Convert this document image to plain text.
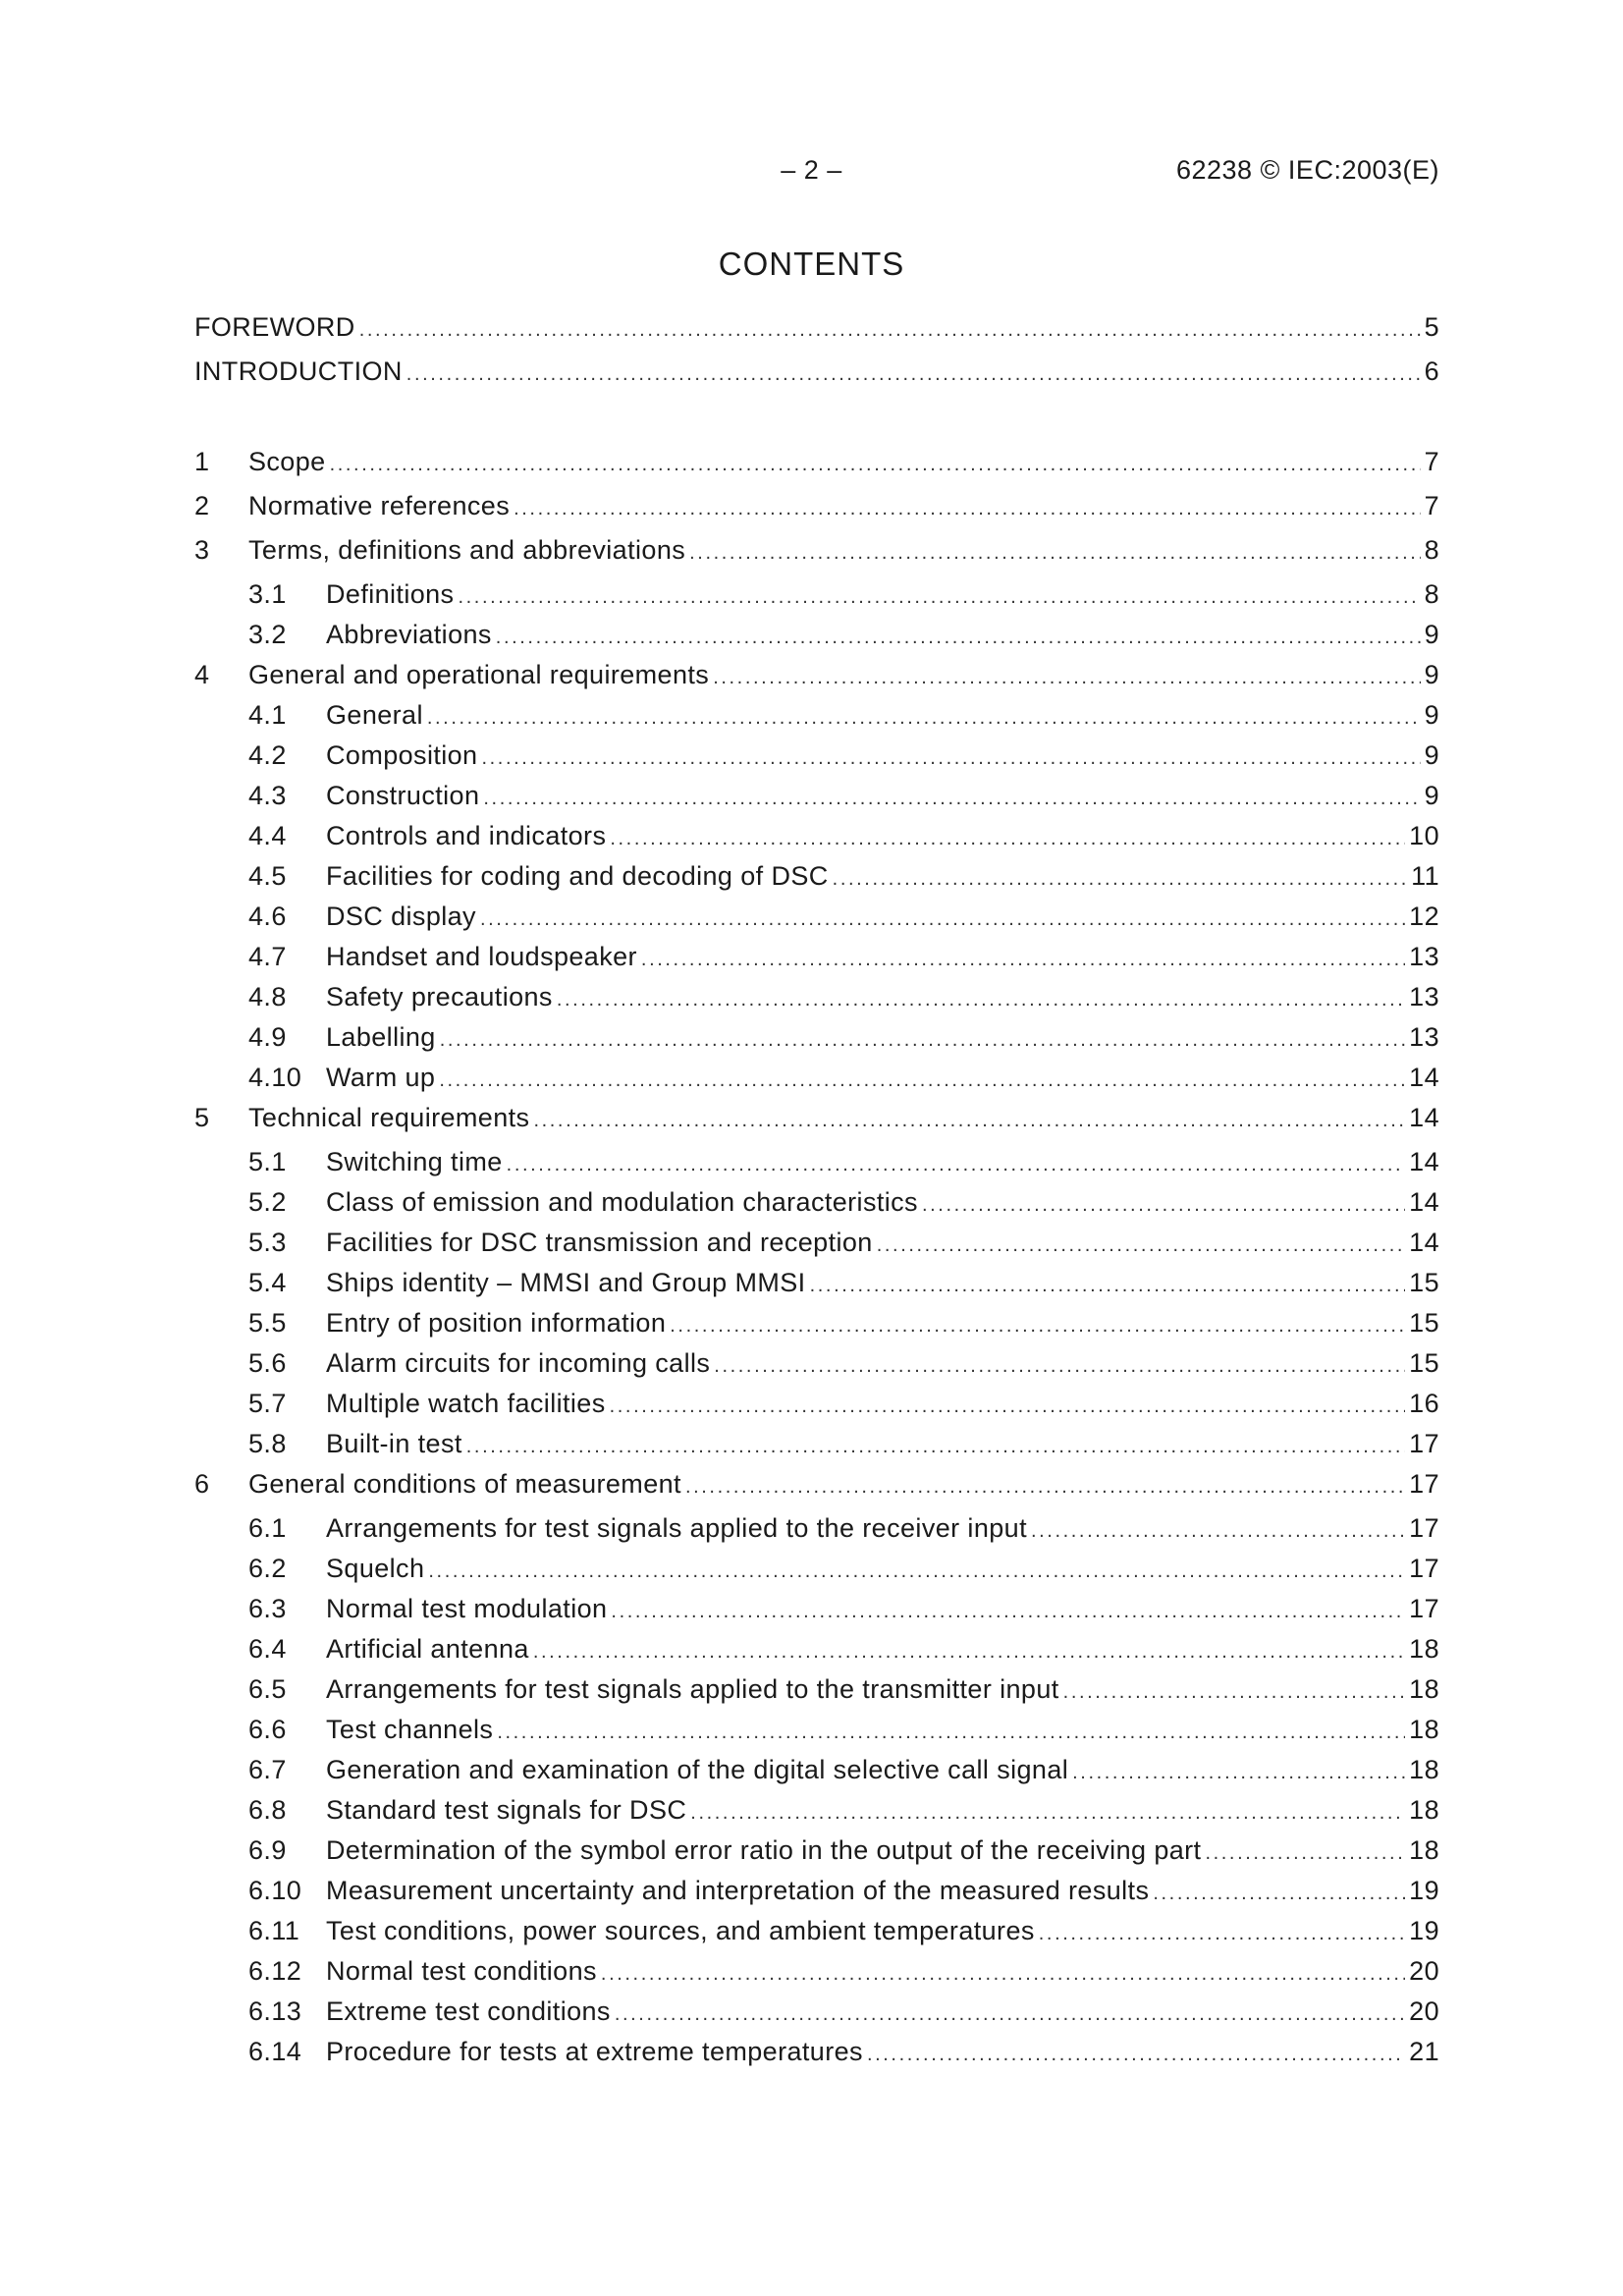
– 2 –	62238 © IEC:2003(E)
CONTENTS
FOREWORD .....	5
INTRODUCTION .....	6
1	Scope .....	7
2	Normative references .....	7
3	Terms, definitions and abbreviations .....	8
3.1	Definitions .....	8
3.2	Abbreviations .....	9
4	General and operational requirements .....	9
4.1	General .....	9
4.2	Composition .....	9
4.3	Construction .....	9
4.4	Controls and indicators .....	10
4.5	Facilities for coding and decoding of DSC .....	11
4.6	DSC display .....	12
4.7	Handset and loudspeaker .....	13
4.8	Safety precautions .....	13
4.9	Labelling .....	13
4.10 Warm up .....	14
5	Technical requirements .....	14
5.1	Switching time .....	14
5.2	Class of emission and modulation characteristics .....	14
5.3	Facilities for DSC transmission and reception .....	14
5.4	Ships identity – MMSI and Group MMSI .....	15
5.5	Entry of position information .....	15
5.6	Alarm circuits for incoming calls .....	15
5.7	Multiple watch facilities .....	16
5.8	Built-in test .....	17
6	General conditions of measurement .....	17
6.1	Arrangements for test signals applied to the receiver input .....	17
6.2	Squelch .....	17
6.3	Normal test modulation .....	17
6.4	Artificial antenna .....	18
6.5	Arrangements for test signals applied to the transmitter input .....	18
6.6	Test channels .....	18
6.7	Generation and examination of the digital selective call signal .....	18
6.8	Standard test signals for DSC .....	18
6.9	Determination of the symbol error ratio in the output of the receiving part .....	18
6.10 Measurement uncertainty and interpretation of the measured results .....	19
6.11 Test conditions, power sources, and ambient temperatures .....	19
6.12 Normal test conditions .....	20
6.13 Extreme test conditions .....	20
6.14 Procedure for tests at extreme temperatures .....	21
